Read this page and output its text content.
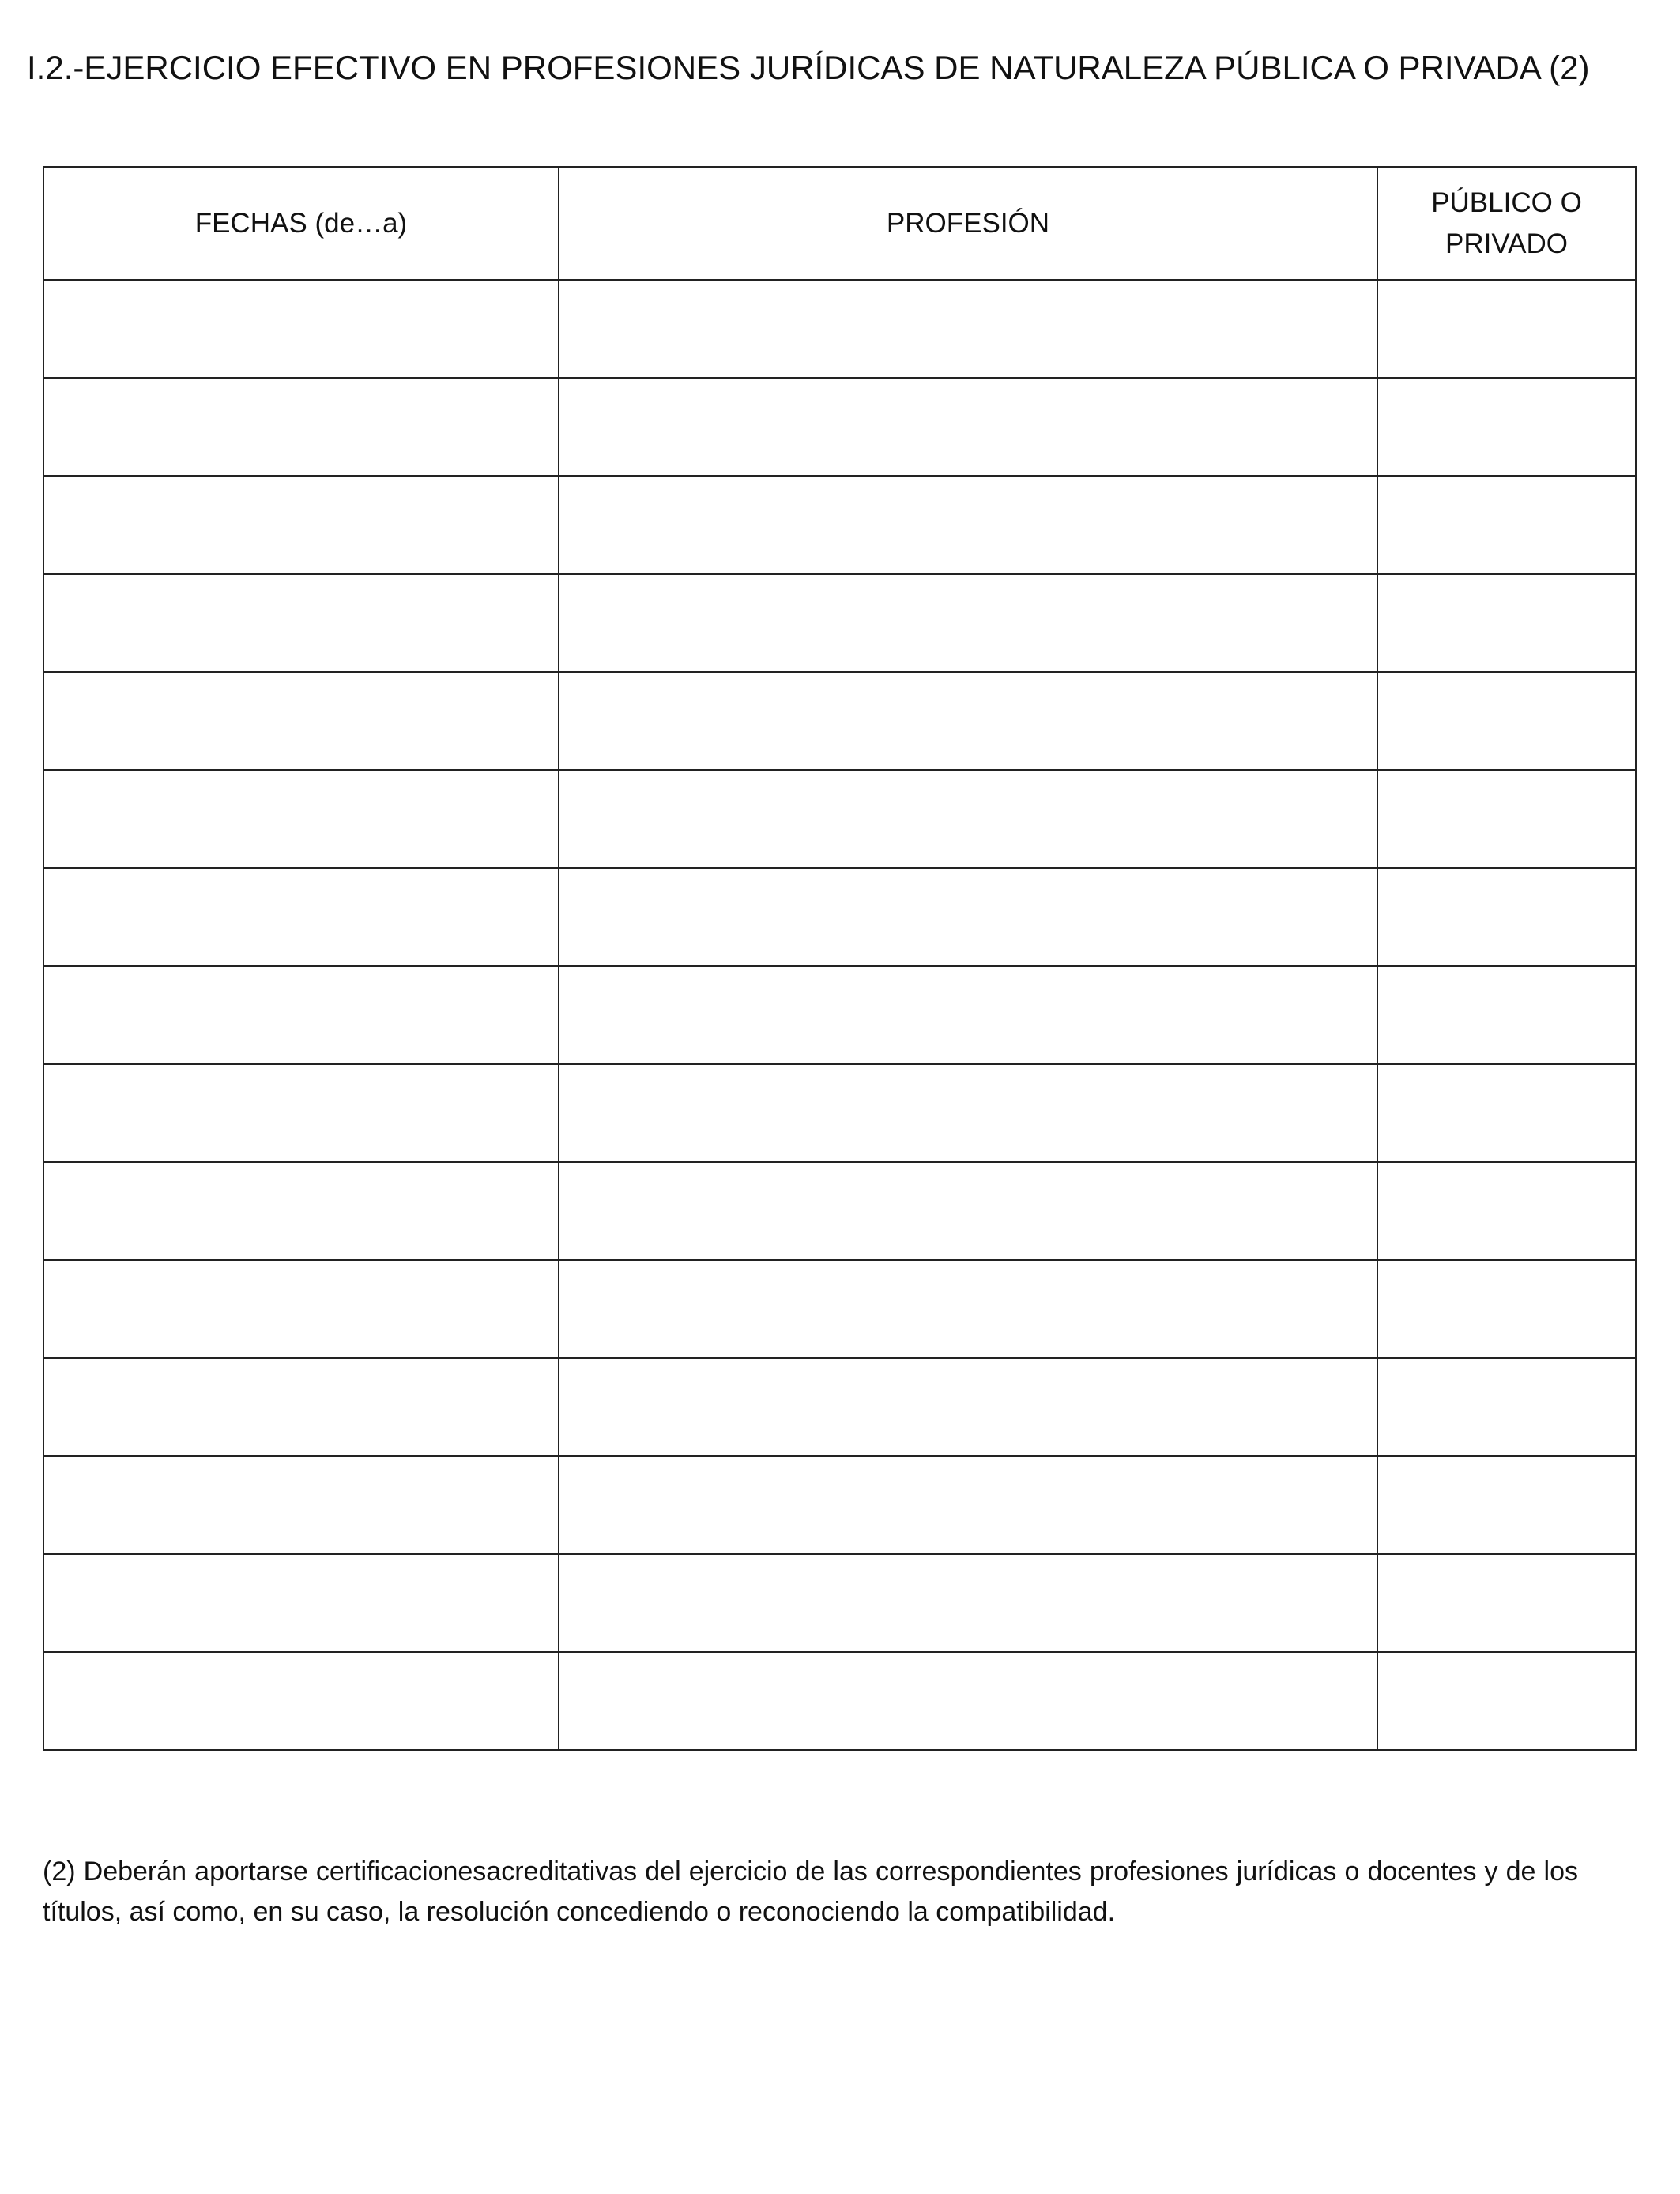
I.2.-EJERCICIO EFECTIVO EN PROFESIONES JURÍDICAS DE NATURALEZA PÚBLICA O PRIVADA (2)
FECHAS (de…a)	PROFESIÓN	PÚBLICO O
PRIVADO

(2) Deberán aportarse certificacionesacreditativas del ejercicio de las correspondientes profesiones jurídicas o docentes y de los títulos, así como, en su caso, la resolución concediendo o reconociendo la compatibilidad.
